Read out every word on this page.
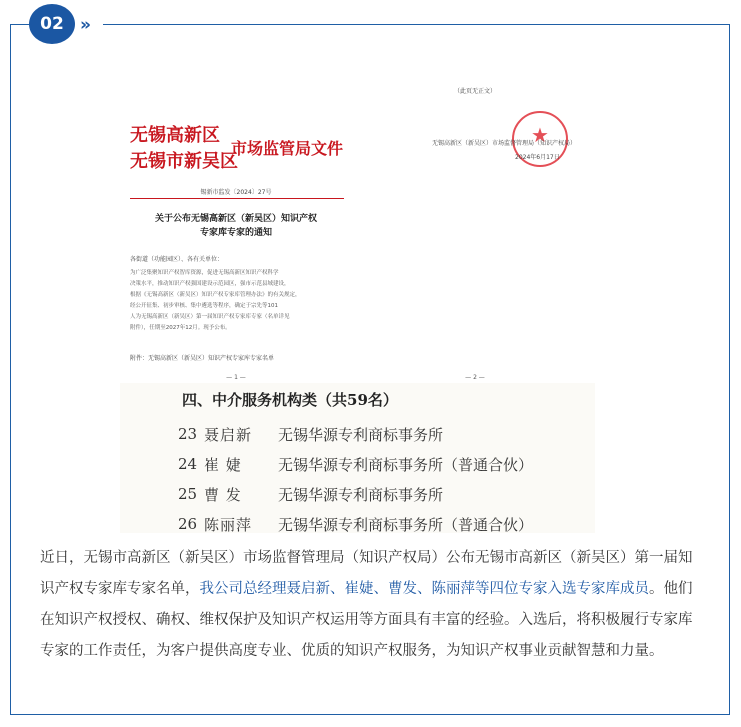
02 ››
无锡高新区
无锡市新吴区
市场监管局文件
锡新市监发〔2024〕27号
关于公布无锡高新区（新吴区）知识产权
专家库专家的通知
各街道（功能园区）、各有关单位：
为广泛集聚知识产权智库资源，促进无锡高新区知识产权科学
决策水平，推动知识产权强国建设示范园区，强市示范县域建设，
根据《无锡高新区（新吴区）知识产权专家库管理办法》的有关规定，
经公开征集、初步审核、集中遴选等程序，确定于宗先等101
人为无锡高新区（新吴区）第一届知识产权专家库专家（名单详见
附件），任期至2027年12月。现予公布。
附件：无锡高新区（新吴区）知识产权专家库专家名单
— 1 —
（此页无正文）
★
无锡高新区（新吴区）市场监督管理局（知识产权局）
2024年6月17日
— 2 —
四、中介服务机构类（共59名）
23 聂启新	无锡华源专利商标事务所
24 崔 婕	无锡华源专利商标事务所（普通合伙）
25 曹 发	无锡华源专利商标事务所
26 陈丽萍	无锡华源专利商标事务所（普通合伙）
近日，无锡市高新区（新吴区）市场监督管理局（知识产权局）公布无锡市高新区（新吴区）第一届知识产权专家库专家名单，我公司总经理聂启新、崔婕、曹发、陈丽萍等四位专家入选专家库成员。他们在知识产权授权、确权、维权保护及知识产权运用等方面具有丰富的经验。入选后，将积极履行专家库专家的工作责任，为客户提供高度专业、优质的知识产权服务，为知识产权事业贡献智慧和力量。
